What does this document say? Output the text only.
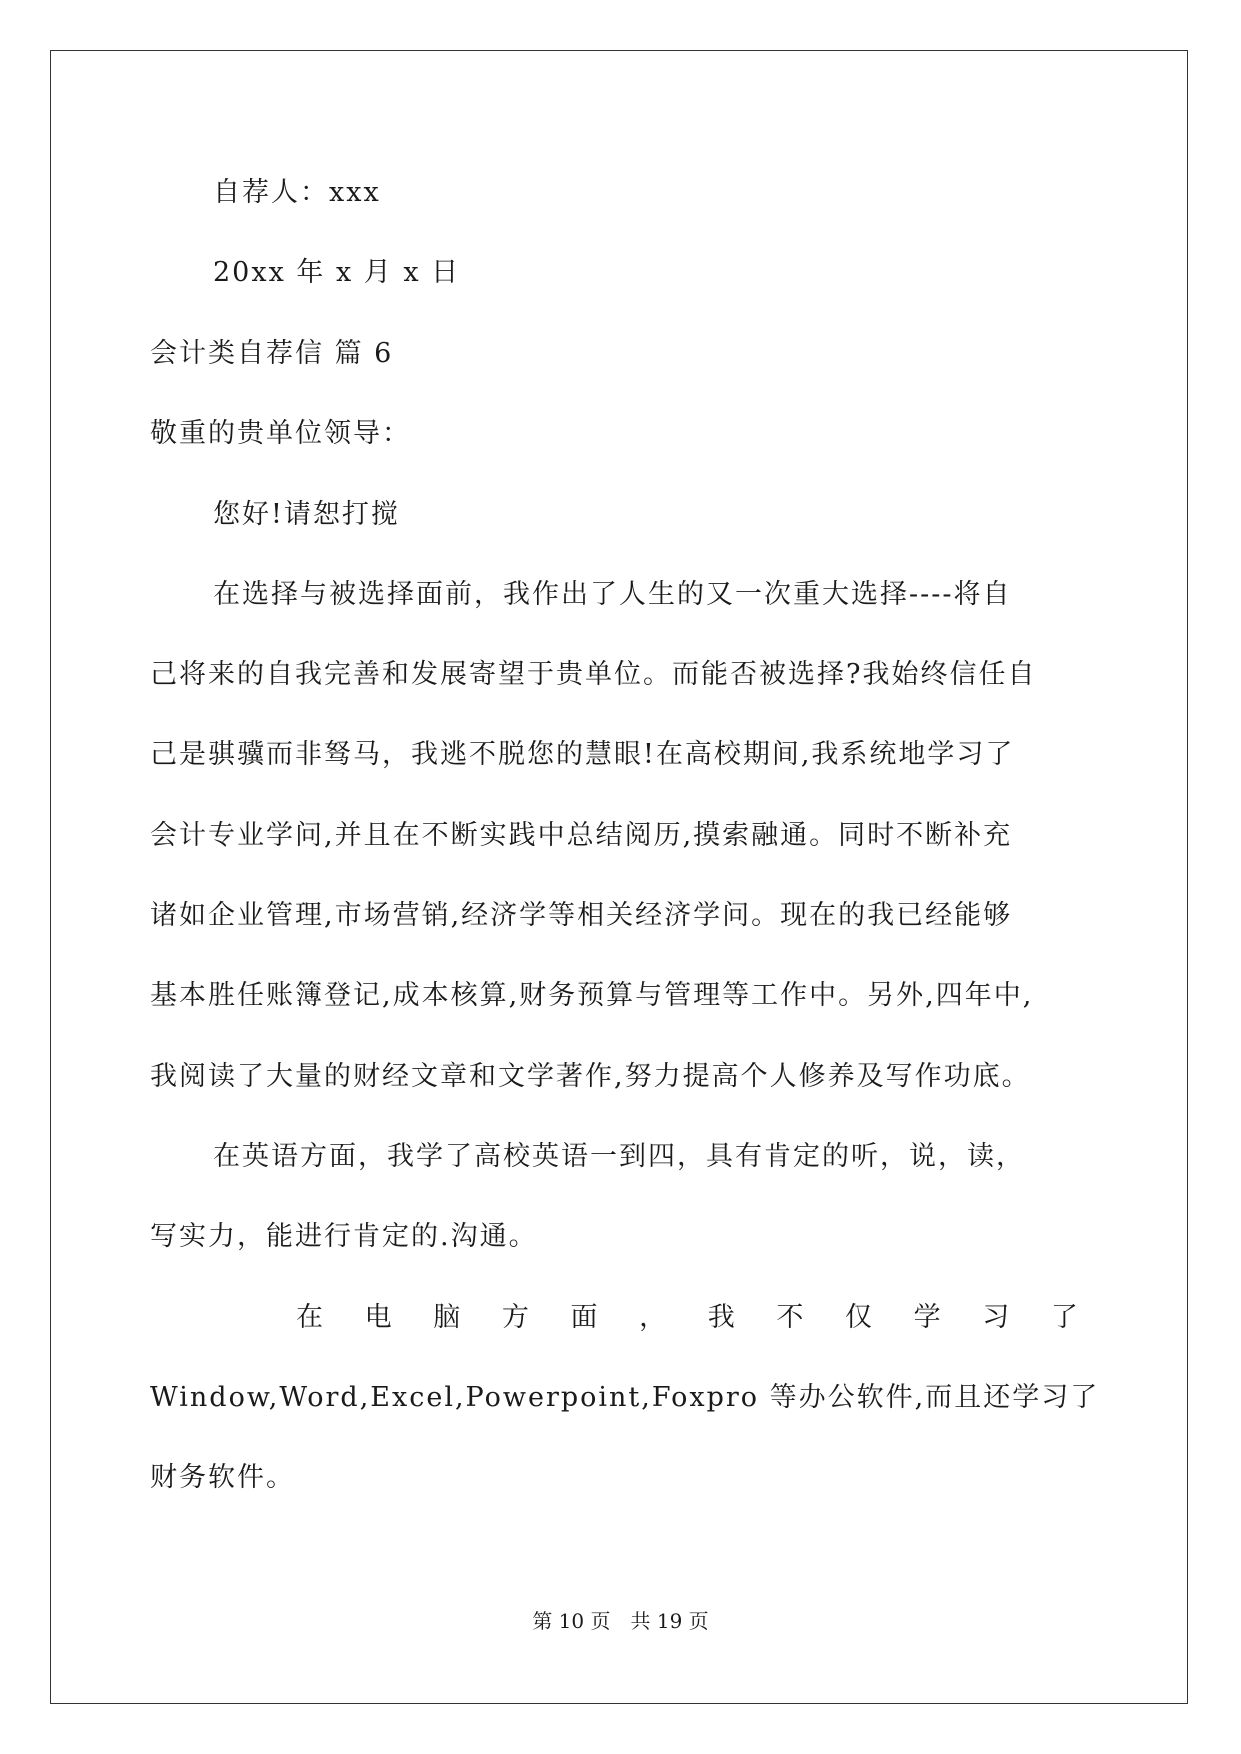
自荐人：xxx
20xx 年 x 月 x 日
会计类自荐信 篇 6
敬重的贵单位领导：
您好!请恕打搅
在选择与被选择面前，我作出了人生的又一次重大选择----将自
己将来的自我完善和发展寄望于贵单位。而能否被选择?我始终信任自
己是骐骥而非驽马，我逃不脱您的慧眼!在高校期间,我系统地学习了
会计专业学问,并且在不断实践中总结阅历,摸索融通。同时不断补充
诸如企业管理,市场营销,经济学等相关经济学问。现在的我已经能够
基本胜任账簿登记,成本核算,财务预算与管理等工作中。另外,四年中,
我阅读了大量的财经文章和文学著作,努力提高个人修养及写作功底。
在英语方面，我学了高校英语一到四，具有肯定的听，说，读，
写实力，能进行肯定的.沟通。
在 电 脑 方 面 ， 我 不 仅 学 习 了
Window,Word,Excel,Powerpoint,Foxpro 等办公软件,而且还学习了
财务软件。
第 10 页　共 19 页
